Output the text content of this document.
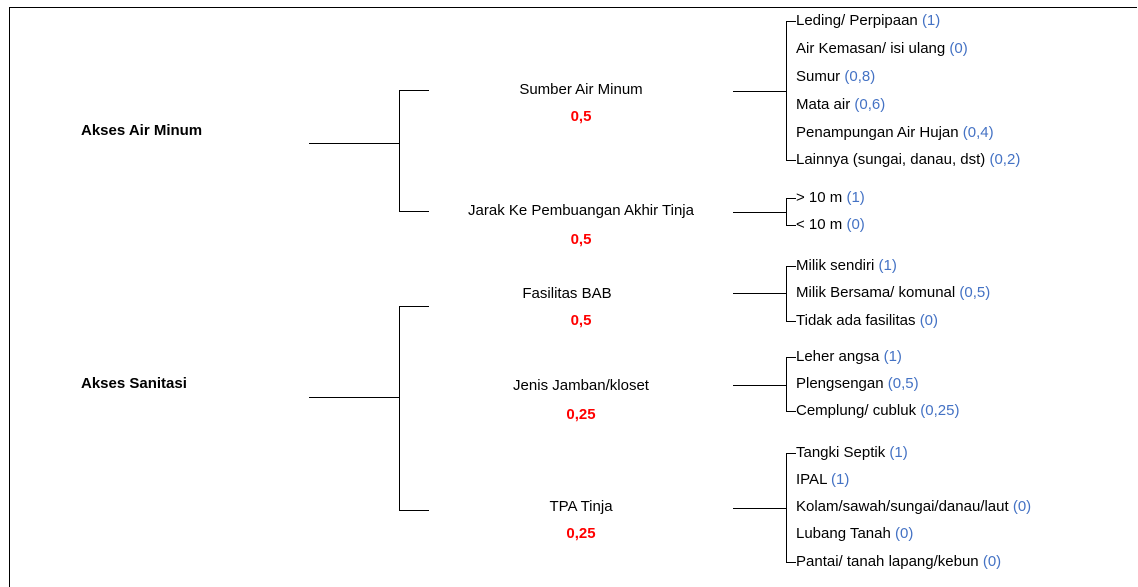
Akses Air Minum
Akses Sanitasi
Sumber Air Minum
0,5
Jarak Ke Pembuangan Akhir Tinja
0,5
Fasilitas BAB
0,5
Jenis Jamban/kloset
0,25
TPA Tinja
0,25
Leding/ Perpipaan (1)
Air Kemasan/ isi ulang (0)
Sumur (0,8)
Mata air (0,6)
Penampungan Air Hujan (0,4)
Lainnya (sungai, danau, dst) (0,2)
> 10 m (1)
< 10 m (0)
Milik sendiri (1)
Milik Bersama/ komunal (0,5)
Tidak ada fasilitas (0)
Leher angsa (1)
Plengsengan (0,5)
Cemplung/ cubluk (0,25)
Tangki Septik (1)
IPAL (1)
Kolam/sawah/sungai/danau/laut (0)
Lubang Tanah (0)
Pantai/ tanah lapang/kebun (0)
